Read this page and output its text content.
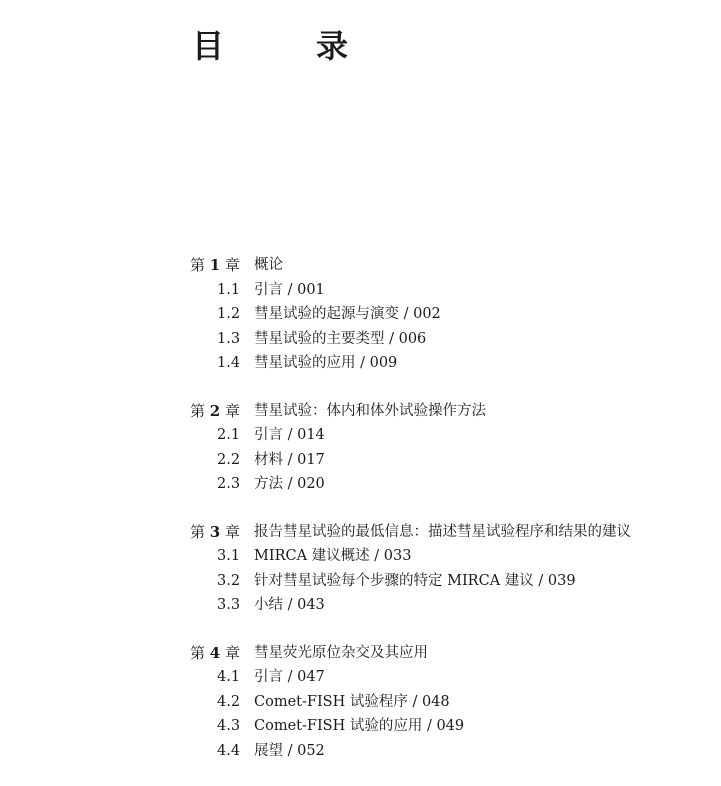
目　录
第 1 章 概论
1.1 引言 / 001
1.2 彗星试验的起源与演变 / 002
1.3 彗星试验的主要类型 / 006
1.4 彗星试验的应用 / 009
第 2 章 彗星试验：体内和体外试验操作方法
2.1 引言 / 014
2.2 材料 / 017
2.3 方法 / 020
第 3 章 报告彗星试验的最低信息：描述彗星试验程序和结果的建议
3.1 MIRCA 建议概述 / 033
3.2 针对彗星试验每个步骤的特定 MIRCA 建议 / 039
3.3 小结 / 043
第 4 章 彗星荧光原位杂交及其应用
4.1 引言 / 047
4.2 Comet-FISH 试验程序 / 048
4.3 Comet-FISH 试验的应用 / 049
4.4 展望 / 052
